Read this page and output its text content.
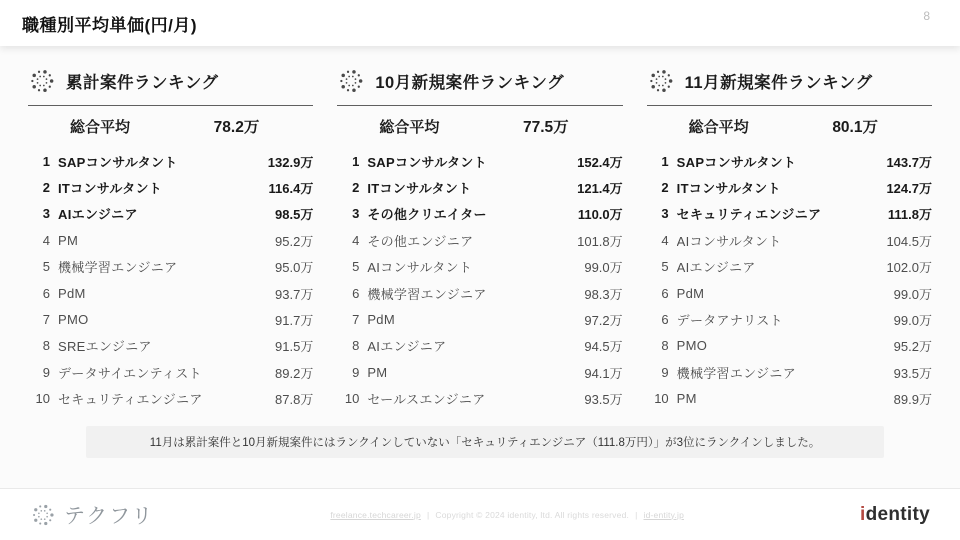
職種別平均単価(円/月)	8
累計案件ランキング
総合平均	78.2万
1 SAPコンサルタント	132.9万
2 ITコンサルタント	116.4万
3 AIエンジニア	98.5万
4 PM	95.2万
5 機械学習エンジニア	95.0万
6 PdM	93.7万
7 PMO	91.7万
8 SREエンジニア	91.5万
9 データサイエンティスト	89.2万
10 セキュリティエンジニア	87.8万
10月新規案件ランキング
総合平均	77.5万
1 SAPコンサルタント	152.4万
2 ITコンサルタント	121.4万
3 その他クリエイター	110.0万
4 その他エンジニア	101.8万
5 AIコンサルタント	99.0万
6 機械学習エンジニア	98.3万
7 PdM	97.2万
8 AIエンジニア	94.5万
9 PM	94.1万
10 セールスエンジニア	93.5万
11月新規案件ランキング
総合平均	80.1万
1 SAPコンサルタント	143.7万
2 ITコンサルタント	124.7万
3 セキュリティエンジニア	111.8万
4 AIコンサルタント	104.5万
5 AIエンジニア	102.0万
6 PdM	99.0万
6 データアナリスト	99.0万
8 PMO	95.2万
9 機械学習エンジニア	93.5万
10 PM	89.9万
11月は累計案件と10月新規案件にはランクインしていない「セキュリティエンジニア（111.8万円）」が3位にランクインしました。
テクフリ	freelance.techcareer.jp | Copyright © 2024 identity, ltd. All rights reserved. | id-entity.jp	identity
